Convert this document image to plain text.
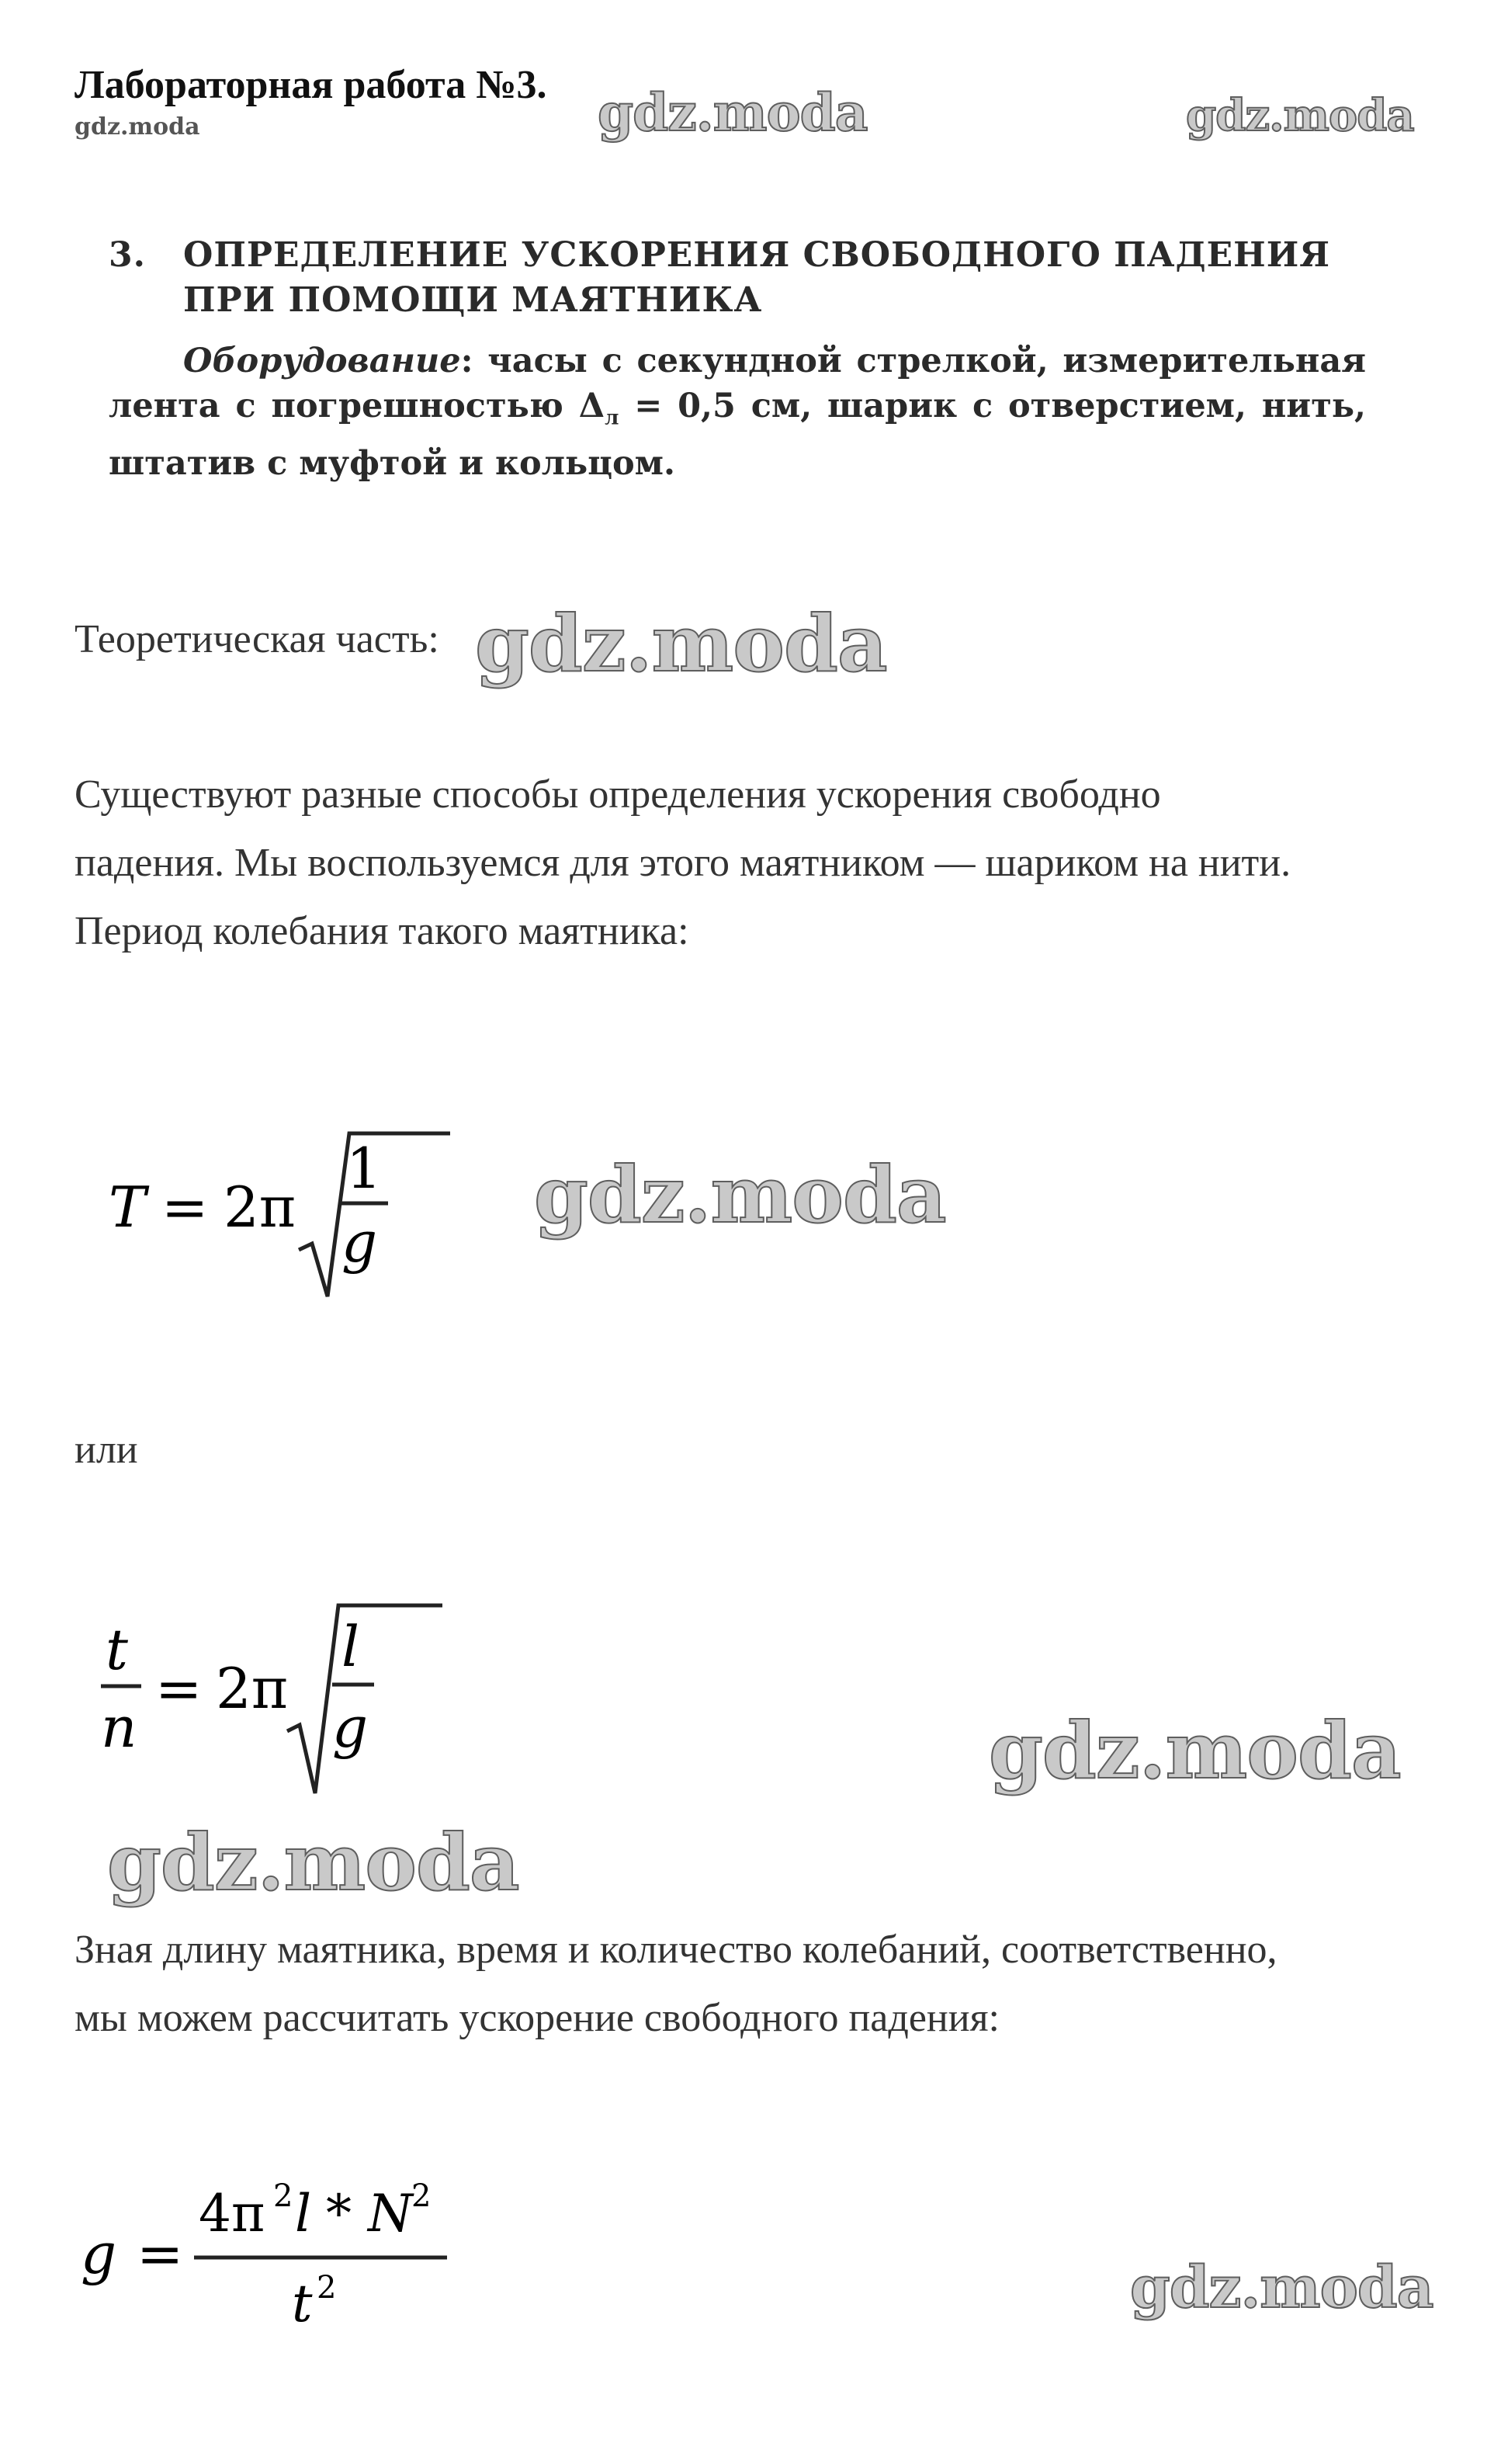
Лабораторная работа №3.
gdz.moda	gdz.moda	gdz.moda
3.	ОПРЕДЕЛЕНИЕ УСКОРЕНИЯ СВОБОДНОГО ПАДЕНИЯ
ПРИ ПОМОЩИ МАЯТНИКА
Оборудование: часы с секундной стрелкой, измерительная лента с погрешностью $\Delta_л = 0,5$ см, шарик с отверстием, нить, штатив с муфтой и кольцом.
Теоретическая часть: gdz.moda
Существуют разные способы определения ускорения свободно
падения. Мы воспользуемся для этого маятником — шариком на нити.
Период колебания такого маятника:
T = 2π
1
g
gdz.moda
или
t
n
= 2π
l
g	gdz.moda
gdz.moda
Зная длину маятника, время и количество колебаний, соответственно,
мы можем рассчитать ускорение свободного падения:
g =
4π 2 l * N
2
t 2	gdz.moda
